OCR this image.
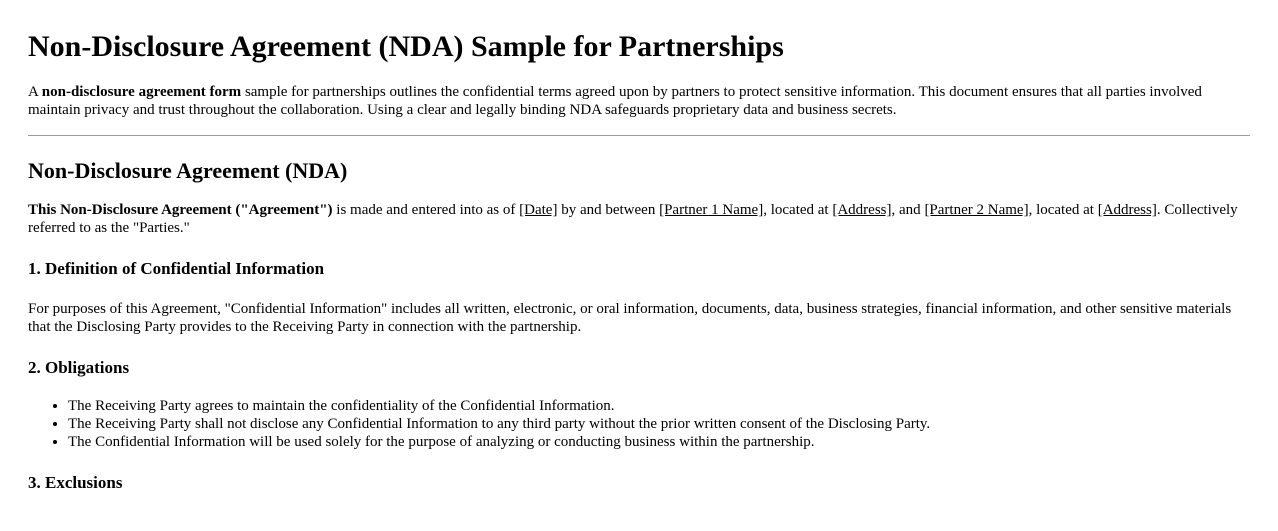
Non-Disclosure Agreement (NDA) Sample for Partnerships

A non-disclosure agreement form sample for partnerships outlines the confidential terms agreed upon by partners to protect sensitive information. This document ensures that all parties involved maintain privacy and trust throughout the collaboration. Using a clear and legally binding NDA safeguards proprietary data and business secrets.

Non-Disclosure Agreement (NDA)

This Non-Disclosure Agreement ("Agreement") is made and entered into as of [Date] by and between [Partner 1 Name], located at [Address], and [Partner 2 Name], located at [Address]. Collectively referred to as the "Parties."

1. Definition of Confidential Information

For purposes of this Agreement, "Confidential Information" includes all written, electronic, or oral information, documents, data, business strategies, financial information, and other sensitive materials that the Disclosing Party provides to the Receiving Party in connection with the partnership.

2. Obligations
• The Receiving Party agrees to maintain the confidentiality of the Confidential Information.
• The Receiving Party shall not disclose any Confidential Information to any third party without the prior written consent of the Disclosing Party.
• The Confidential Information will be used solely for the purpose of analyzing or conducting business within the partnership.
3. Exclusions
